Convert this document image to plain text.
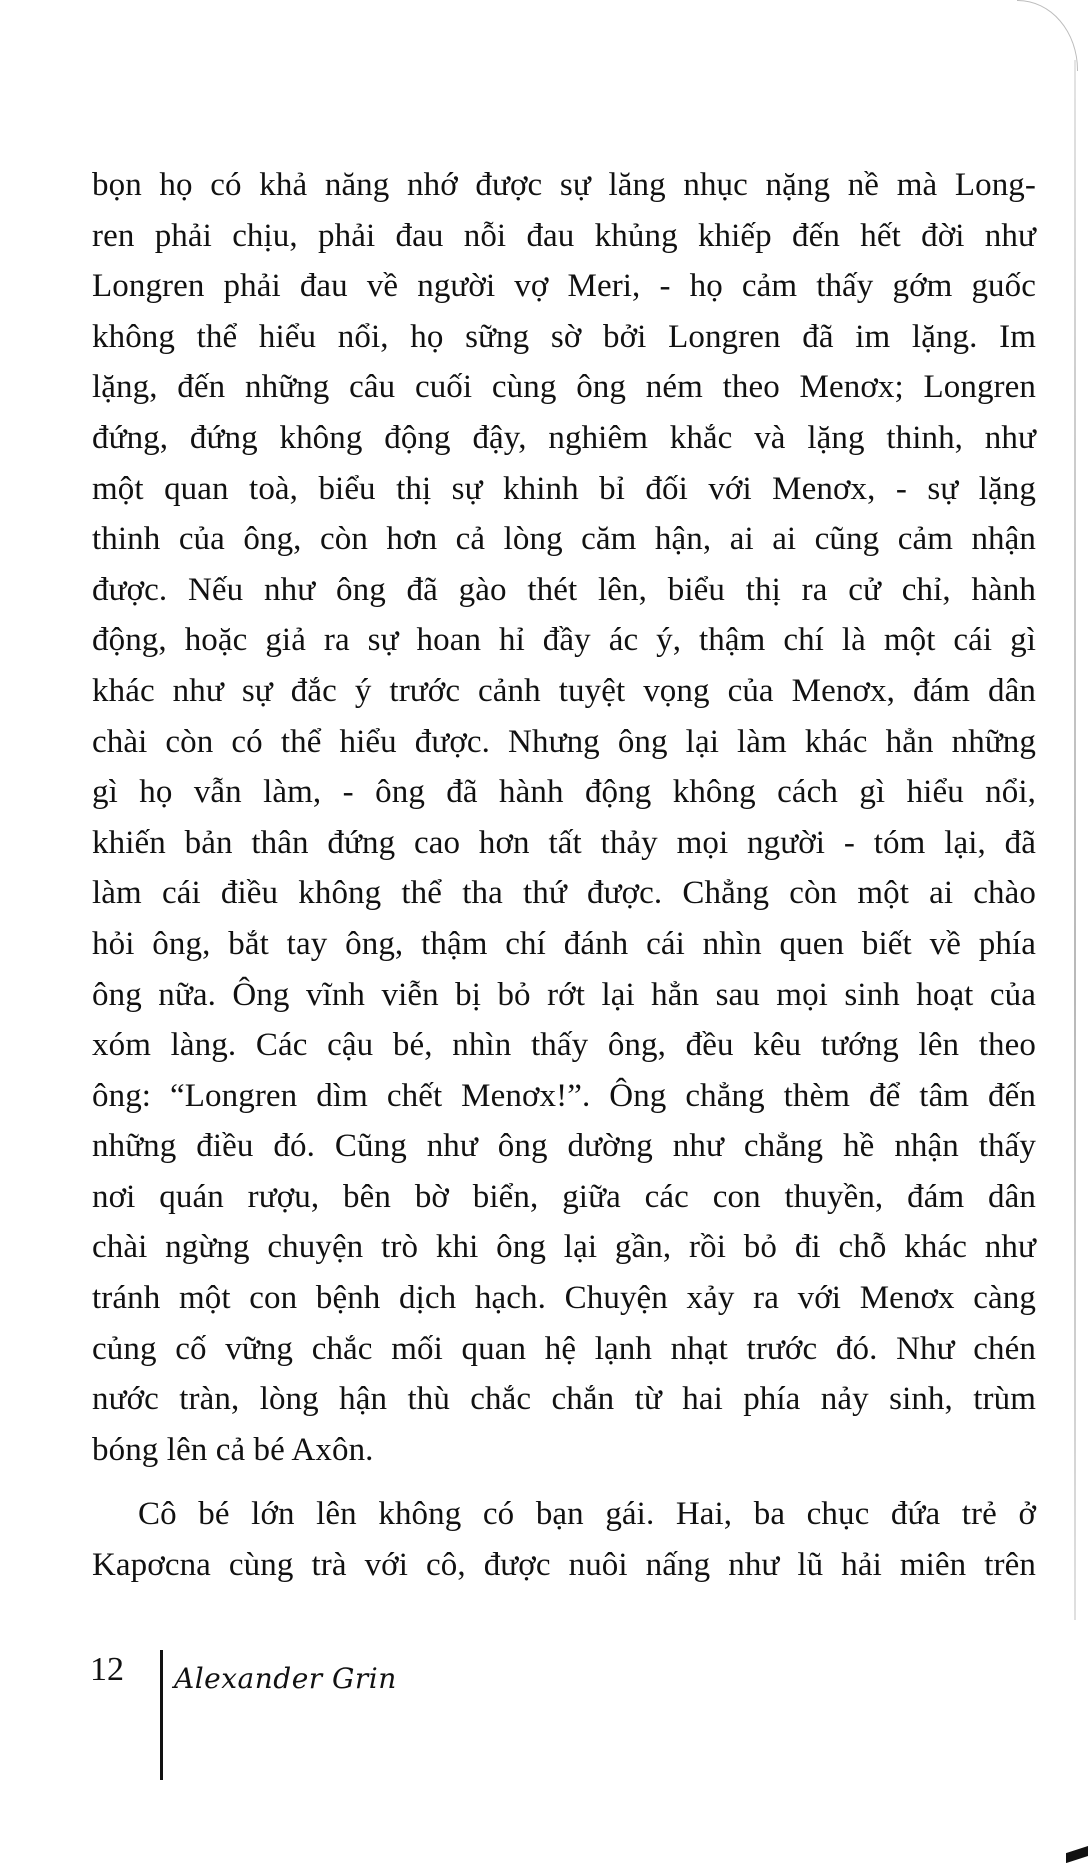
bọn họ có khả năng nhớ được sự lăng nhục nặng nề mà Long-
ren phải chịu, phải đau nỗi đau khủng khiếp đến hết đời như
Longren phải đau về người vợ Meri, - họ cảm thấy gớm guốc
không thể hiểu nổi, họ sững sờ bởi Longren đã im lặng. Im
lặng, đến những câu cuối cùng ông ném theo Menơx; Longren
đứng, đứng không động đậy, nghiêm khắc và lặng thinh, như
một quan toà, biểu thị sự khinh bỉ đối với Menơx, - sự lặng
thinh của ông, còn hơn cả lòng căm hận, ai ai cũng cảm nhận
được. Nếu như ông đã gào thét lên, biểu thị ra cử chỉ, hành
động, hoặc giả ra sự hoan hỉ đầy ác ý, thậm chí là một cái gì
khác như sự đắc ý trước cảnh tuyệt vọng của Menơx, đám dân
chài còn có thể hiểu được. Nhưng ông lại làm khác hẳn những
gì họ vẫn làm, - ông đã hành động không cách gì hiểu nổi,
khiến bản thân đứng cao hơn tất thảy mọi người - tóm lại, đã
làm cái điều không thể tha thứ được. Chẳng còn một ai chào
hỏi ông, bắt tay ông, thậm chí đánh cái nhìn quen biết về phía
ông nữa. Ông vĩnh viễn bị bỏ rớt lại hẳn sau mọi sinh hoạt của
xóm làng. Các cậu bé, nhìn thấy ông, đều kêu tướng lên theo
ông: “Longren dìm chết Menơx!”. Ông chẳng thèm để tâm đến
những điều đó. Cũng như ông dường như chẳng hề nhận thấy
nơi quán rượu, bên bờ biển, giữa các con thuyền, đám dân
chài ngừng chuyện trò khi ông lại gần, rồi bỏ đi chỗ khác như
tránh một con bệnh dịch hạch. Chuyện xảy ra với Menơx càng
củng cố vững chắc mối quan hệ lạnh nhạt trước đó. Như chén
nước tràn, lòng hận thù chắc chắn từ hai phía nảy sinh, trùm
bóng lên cả bé Axôn.
Cô bé lớn lên không có bạn gái. Hai, ba chục đứa trẻ ở
Kapơcna cùng trà với cô, được nuôi nấng như lũ hải miên trên
12 Alexander Grin
